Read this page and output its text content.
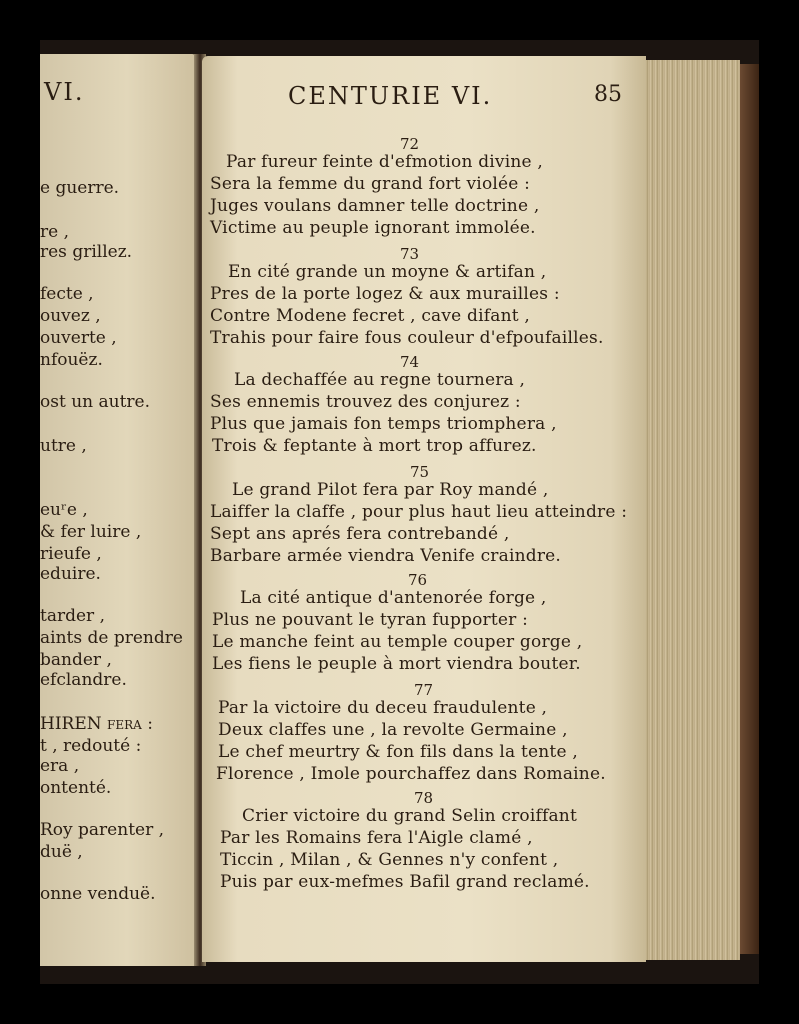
VI.
e guerre.
re ,
res grillez.
fecte ,
ouvez ,
ouverte ,
nfouëz.
ost un autre.
utre ,
euʳe ,
& fer luire ,
rieufe ,
eduire.
tarder ,
aints de prendre
bander ,
efclandre.
HIREN fera :
t , redouté :
era ,
ontenté.
Roy parenter ,
duë ,
onne venduë.
CENTURIE VI.	85
72
Par fureur feinte d'efmotion divine ,
Sera la femme du grand fort violée :
Juges voulans damner telle doctrine ,
Victime au peuple ignorant immolée.
73
En cité grande un moyne & artifan ,
Pres de la porte logez & aux murailles :
Contre Modene fecret , cave difant ,
Trahis pour faire fous couleur d'efpoufailles.
74
La dechaffée au regne tournera ,
Ses ennemis trouvez des conjurez :
Plus que jamais fon temps triomphera ,
Trois & feptante à mort trop affurez.
75
Le grand Pilot fera par Roy mandé ,
Laiffer la claffe , pour plus haut lieu atteindre :
Sept ans aprés fera contrebandé ,
Barbare armée viendra Venife craindre.
76
La cité antique d'antenorée forge ,
Plus ne pouvant le tyran fupporter :
Le manche feint au temple couper gorge ,
Les fiens le peuple à mort viendra bouter.
77
Par la victoire du deceu fraudulente ,
Deux claffes une , la revolte Germaine ,
Le chef meurtry & fon fils dans la tente ,
Florence , Imole pourchaffez dans Romaine.
78
Crier victoire du grand Selin croiffant
Par les Romains fera l'Aigle clamé ,
Ticcin , Milan , & Gennes n'y confent ,
Puis par eux-mefmes Bafil grand reclamé.
